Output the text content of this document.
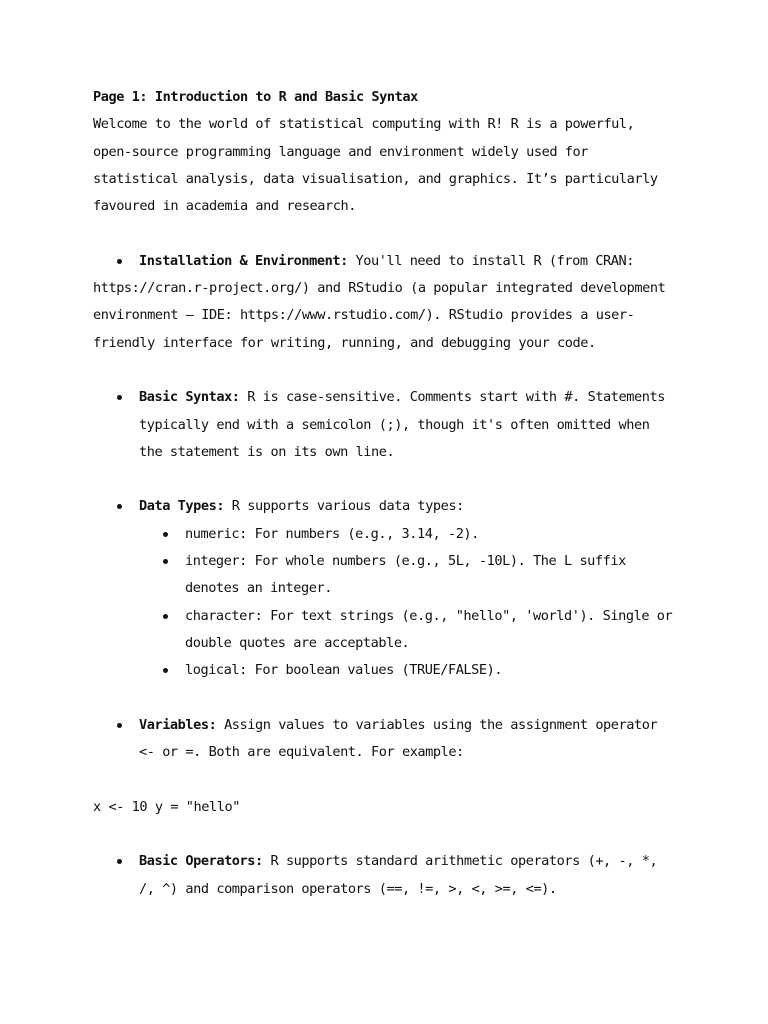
Page 1: Introduction to R and Basic Syntax

Welcome to the world of statistical computing with R! R is a powerful,

open-source programming language and environment widely used for

statistical analysis, data visualisation, and graphics. It’s particularly

favoured in academia and research.

Installation & Environment: You'll need to install R (from CRAN:

https://cran.r-project.org/) and RStudio (a popular integrated development

environment – IDE: https://www.rstudio.com/). RStudio provides a user-

friendly interface for writing, running, and debugging your code.

Basic Syntax: R is case-sensitive. Comments start with #. Statements

typically end with a semicolon (;), though it's often omitted when

the statement is on its own line.

Data Types: R supports various data types:

numeric: For numbers (e.g., 3.14, -2).

integer: For whole numbers (e.g., 5L, -10L). The L suffix

denotes an integer.

character: For text strings (e.g., "hello", 'world'). Single or

double quotes are acceptable.

logical: For boolean values (TRUE/FALSE).

Variables: Assign values to variables using the assignment operator

<- or =. Both are equivalent. For example:

x <- 10 y = "hello"

Basic Operators: R supports standard arithmetic operators (+, -, *,

/, ^) and comparison operators (==, !=, >, <, >=, <=).
